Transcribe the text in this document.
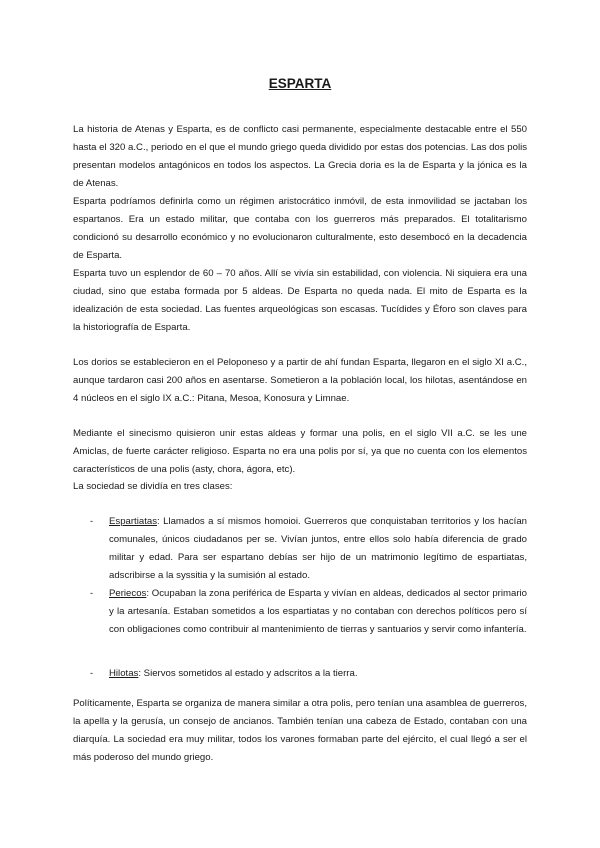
ESPARTA

La historia de Atenas y Esparta, es de conflicto casi permanente, especialmente destacable entre el 550 hasta el 320 a.C., periodo en el que el mundo griego queda dividido por estas dos potencias. Las dos polis presentan modelos antagónicos en todos los aspectos. La Grecia doria es la de Esparta y la jónica es la de Atenas.

Esparta podríamos definirla como un régimen aristocrático inmóvil, de esta inmovilidad se jactaban los espartanos. Era un estado militar, que contaba con los guerreros más preparados. El totalitarismo condicionó su desarrollo económico y no evolucionaron culturalmente, esto desembocó en la decadencia de Esparta.

Esparta tuvo un esplendor de 60 – 70 años. Allí se vivía sin estabilidad, con violencia. Ni siquiera era una ciudad, sino que estaba formada por 5 aldeas. De Esparta no queda nada. El mito de Esparta es la idealización de esta sociedad. Las fuentes arqueológicas son escasas. Tucídides y Éforo son claves para la historiografía de Esparta.

Los dorios se establecieron en el Peloponeso y a partir de ahí fundan Esparta, llegaron en el siglo XI a.C., aunque tardaron casi 200 años en asentarse. Sometieron a la población local, los hilotas, asentándose en 4 núcleos en el siglo IX a.C.: Pitana, Mesoa, Konosura y Limnae.

Mediante el sinecismo quisieron unir estas aldeas y formar una polis, en el siglo VII a.C. se les une Amiclas, de fuerte carácter religioso. Esparta no era una polis por sí, ya que no cuenta con los elementos característicos de una polis (asty, chora, ágora, etc).

La sociedad se dividía en tres clases:

-	Espartiatas: Llamados a sí mismos homoioi. Guerreros que conquistaban territorios y los hacían comunales, únicos ciudadanos per se. Vivían juntos, entre ellos solo había diferencia de grado militar y edad. Para ser espartano debías ser hijo de un matrimonio legítimo de espartiatas, adscribirse a la syssitia y la sumisión al estado.
-	Periecos: Ocupaban la zona periférica de Esparta y vivían en aldeas, dedicados al sector primario y la artesanía. Estaban sometidos a los espartiatas y no contaban con derechos políticos pero sí con obligaciones como contribuir al mantenimiento de tierras y santuarios y servir como infantería.
-	Hilotas: Siervos sometidos al estado y adscritos a la tierra.

Políticamente, Esparta se organiza de manera similar a otra polis, pero tenían una asamblea de guerreros, la apella y la gerusía, un consejo de ancianos. También tenían una cabeza de Estado, contaban con una diarquía. La sociedad era muy militar, todos los varones formaban parte del ejército, el cual llegó a ser el más poderoso del mundo griego.
